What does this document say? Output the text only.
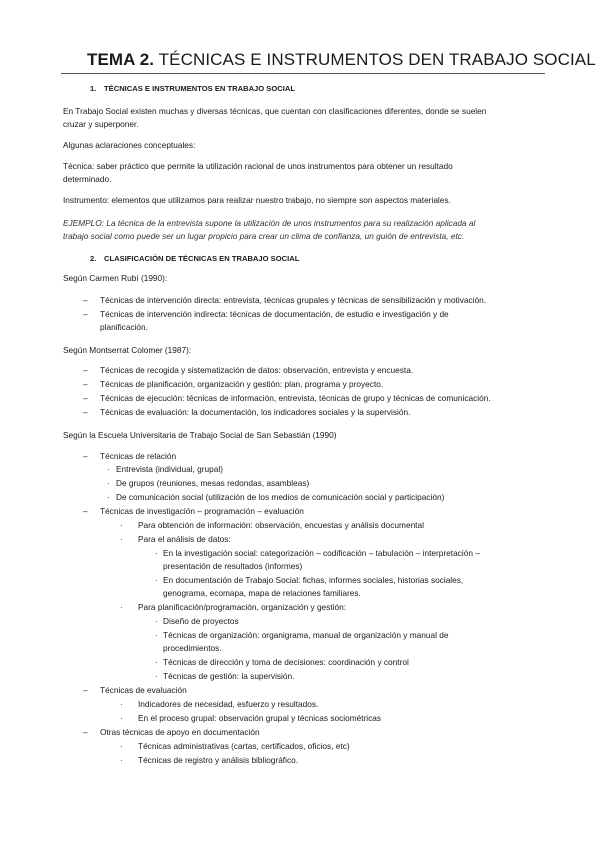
TEMA 2. TÉCNICAS E INSTRUMENTOS DEN TRABAJO SOCIAL
1. TÉCNICAS E INSTRUMENTOS EN TRABAJO SOCIAL
En Trabajo Social existen muchas y diversas técnicas, que cuentan con clasificaciones diferentes, donde se suelen
cruzar y superponer.
Algunas aclaraciones conceptuales:
Técnica: saber práctico que permite la utilización racional de unos instrumentos para obtener un resultado
determinado.
Instrumento: elementos que utilizamos para realizar nuestro trabajo, no siempre son aspectos materiales.
EJEMPLO: La técnica de la entrevista supone la utilización de unos instrumentos para su realización aplicada al
trabajo social como puede ser un lugar propicio para crear un clima de confianza, un guión de entrevista, etc.
2. CLASIFICACIÓN DE TÉCNICAS EN TRABAJO SOCIAL
Según Carmen Rubí (1990):
– Técnicas de intervención directa: entrevista, técnicas grupales y técnicas de sensibilización y motivación.
– Técnicas de intervención indirecta: técnicas de documentación, de estudio e investigación y de
planificación.
Según Montserrat Colomer (1987):
– Técnicas de recogida y sistematización de datos: observación, entrevista y encuesta.
– Técnicas de planificación, organización y gestión: plan, programa y proyecto.
– Técnicas de ejecución: técnicas de información, entrevista, técnicas de grupo y técnicas de comunicación.
– Técnicas de evaluación: la documentación, los indicadores sociales y la supervisión.
Según la Escuela Universitaria de Trabajo Social de San Sebastián (1990)
– Técnicas de relación
· Entrevista (individual, grupal)
· De grupos (reuniones, mesas redondas, asambleas)
· De comunicación social (utilización de los medios de comunicación social y participación)
– Técnicas de investigación – programación – evaluación
· Para obtención de información: observación, encuestas y análisis documental
· Para el análisis de datos:
· En la investigación social: categorización – codificación – tabulación – interpretación –
presentación de resultados (informes)
· En documentación de Trabajo Social: fichas, informes sociales, historias sociales,
genograma, ecomapa, mapa de relaciones familiares.
· Para planificación/programación, organización y gestión:
· Diseño de proyectos
· Técnicas de organización: organigrama, manual de organización y manual de
procedimientos.
· Técnicas de dirección y toma de decisiones: coordinación y control
· Técnicas de gestión: la supervisión.
– Técnicas de evaluación
· Indicadores de necesidad, esfuerzo y resultados.
· En el proceso grupal: observación grupal y técnicas sociométricas
– Otras técnicas de apoyo en documentación
· Técnicas administrativas (cartas, certificados, oficios, etc)
· Técnicas de registro y análisis bibliográfico.
